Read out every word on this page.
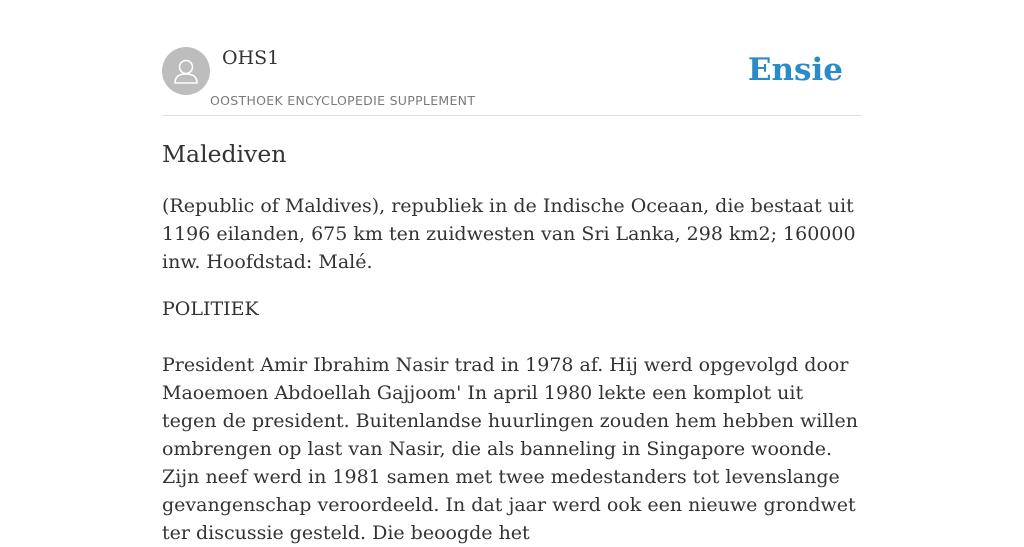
OHS1
OOSTHOEK ENCYCLOPEDIE SUPPLEMENT
Ensie
Malediven

(Republic of Maldives), republiek in de Indische Oceaan, die bestaat uit 1196 eilanden, 675 km ten zuidwesten van Sri Lanka, 298 km2; 160000 inw. Hoofdstad: Malé.

POLITIEK

President Amir Ibrahim Nasir trad in 1978 af. Hij werd opgevolgd door Maoemoen Abdoellah Gajjoom' In april 1980 lekte een komplot uit tegen de president. Buitenlandse huurlingen zouden hem hebben willen ombrengen op last van Nasir, die als banneling in Singapore woonde. Zijn neef werd in 1981 samen met twee medestanders tot levenslange gevangenschap veroordeeld. In dat jaar werd ook een nieuwe grondwet ter discussie gesteld. Die beoogde het
